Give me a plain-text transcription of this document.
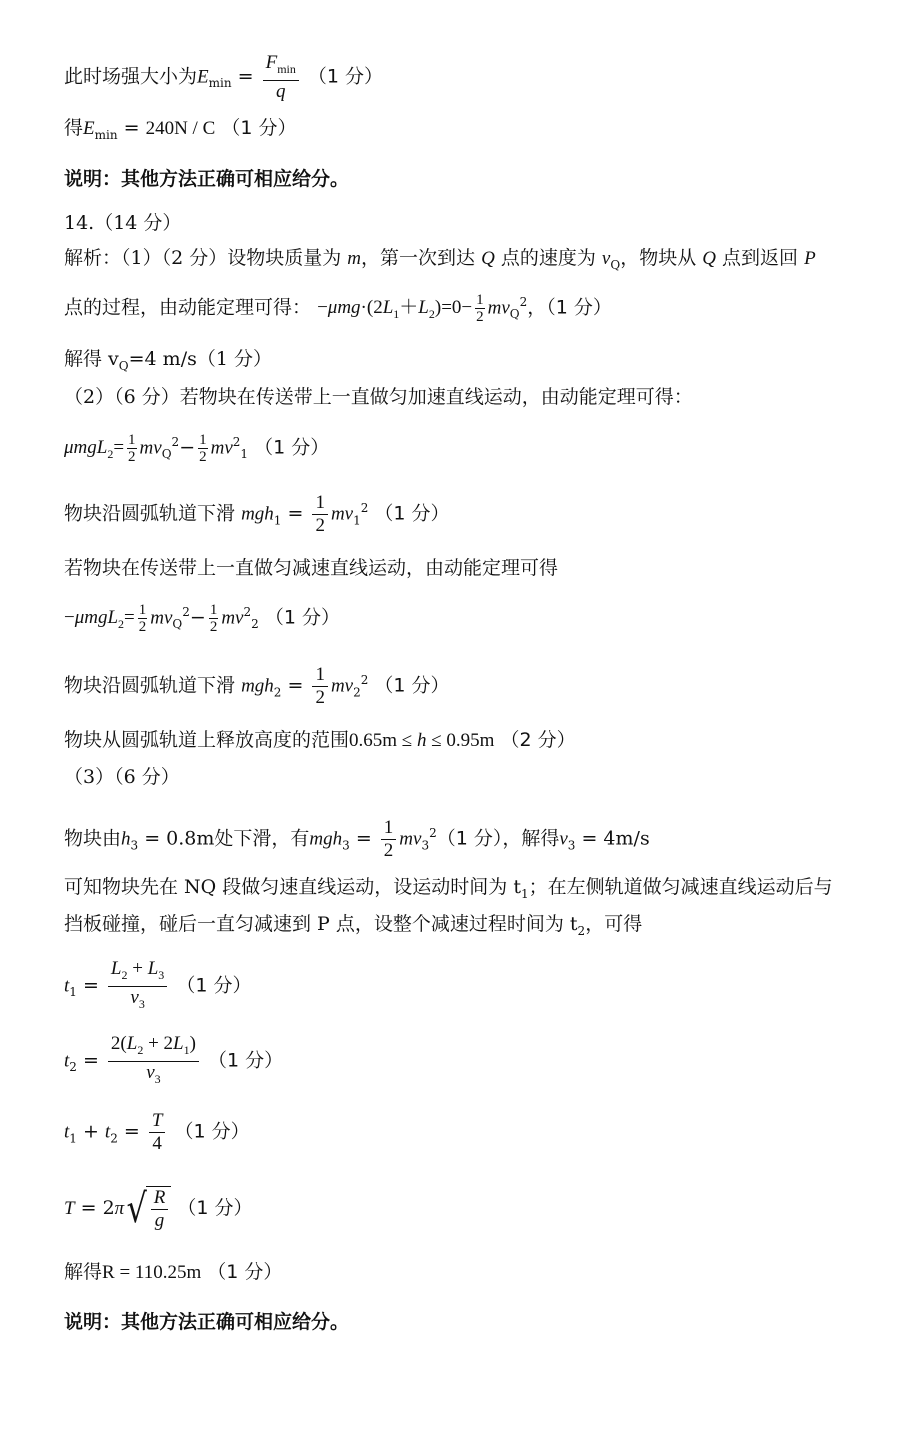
此时场强大小为$E_{min} = \frac{F_{min}}{q} (1$ 分）
得$E_{min} = 240N / C$ （1 分）
说明：其他方法正确可相应给分。
14.（14 分）
解析：（1）（2 分）设物块质量为 m，第一次到达 Q 点的速度为 $v_Q$，物块从 Q 点到返回 P
点的过程，由动能定理可得： $-\mu mg\cdot(2L_1+L_2)=0- \frac{1}{2} mv_Q^2$，（1 分）
解得 $v_Q=4$ m/s（1 分）
（2）（6 分）若物块在传送带上一直做匀加速直线运动，由动能定理可得：
$\mu mgL_2= \frac{1}{2} mv_Q^2- \frac{1}{2} mv^2_1$ （1 分）
物块沿圆弧轨道下滑 $mgh_1 = \frac{1}{2} mv_1^2$ （1 分）
若物块在传送带上一直做匀减速直线运动，由动能定理可得
$-\mu mgL_2= \frac{1}{2} mv_Q^2- \frac{1}{2} mv^2_2$ （1 分）
物块沿圆弧轨道下滑 $mgh_2 = \frac{1}{2} mv_2^2$ （1 分）
物块从圆弧轨道上释放高度的范围0.65m ≤ h ≤ 0.95m （2 分）
（3）（6 分）
物块由$h_3 = 0.8m$处下滑，有$mgh_3 = \frac{1}{2} mv_3^2(1$ 分），解得$v_3 = 4m/s$
可知物块先在 NQ 段做匀速直线运动，设运动时间为 $t_1$；在左侧轨道做匀减速直线运动后与
挡板碰撞，碰后一直匀减速到 P 点，设整个减速过程时间为 $t_2$，可得
$t_1 = \frac{L_2 + L_3}{v_3} (1$ 分）
$t_2 = \frac{2(L_2 + 2L_1)}{v_3} (1$ 分）
$t_1 + t_2 = \frac{T}{4} (1$ 分）
T = 2π √ $\frac{R}{g} (1$ 分）
解得R = 110.25m （1 分）
说明：其他方法正确可相应给分。
